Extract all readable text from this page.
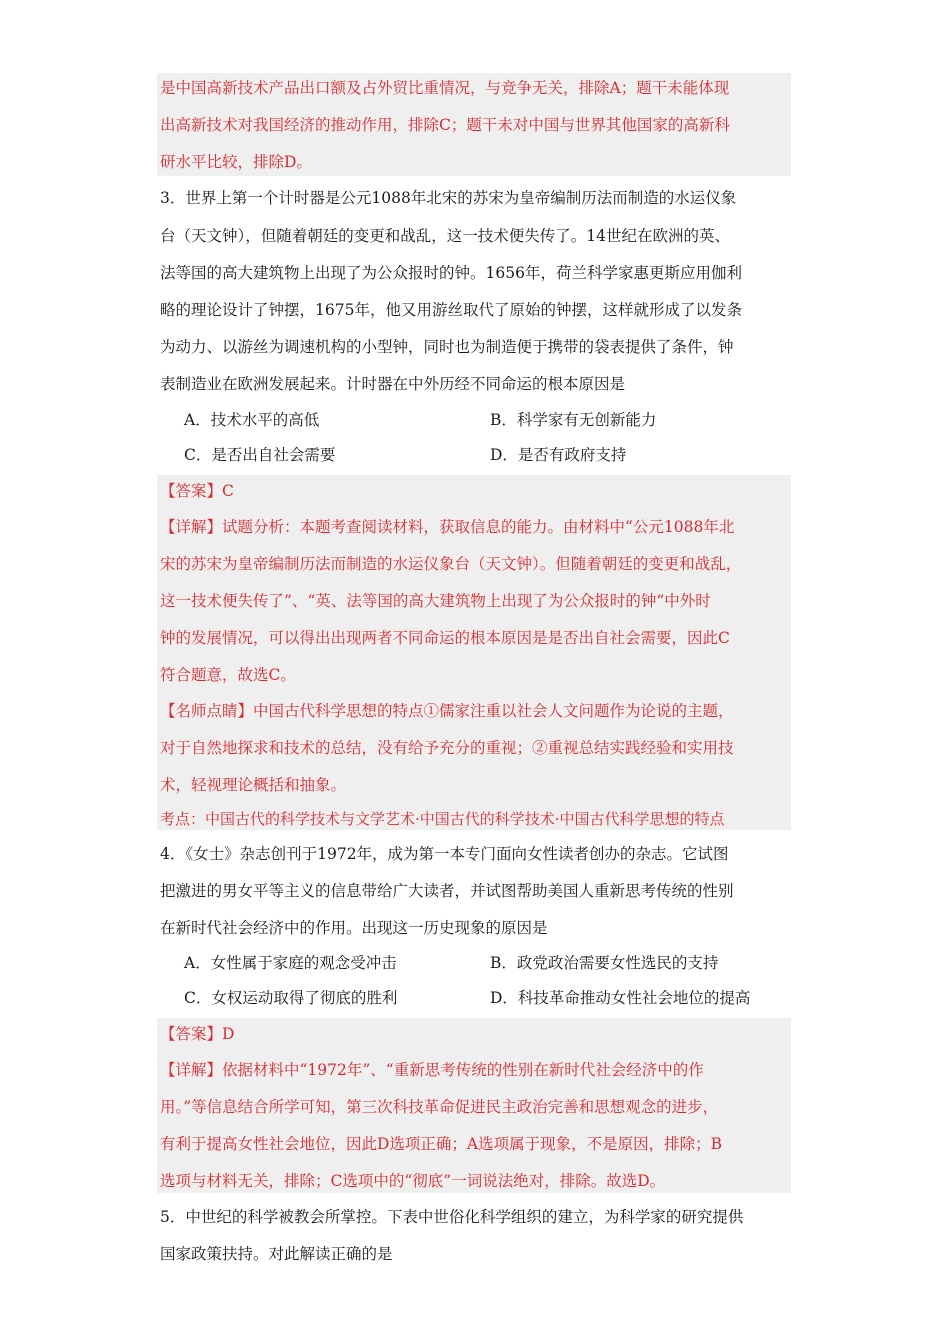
是中国高新技术产品出口额及占外贸比重情况，与竞争无关，排除A；题干未能体现
出高新技术对我国经济的推动作用，排除C；题干未对中国与世界其他国家的高新科
研水平比较，排除D。
3．世界上第一个计时器是公元1088年北宋的苏宋为皇帝编制历法而制造的水运仪象
台（天文钟），但随着朝廷的变更和战乱，这一技术便失传了。14世纪在欧洲的英、
法等国的高大建筑物上出现了为公众报时的钟。1656年，荷兰科学家惠更斯应用伽利
略的理论设计了钟摆，1675年，他又用游丝取代了原始的钟摆，这样就形成了以发条
为动力、以游丝为调速机构的小型钟，同时也为制造便于携带的袋表提供了条件，钟
表制造业在欧洲发展起来。计时器在中外历经不同命运的根本原因是
A．技术水平的高低	B．科学家有无创新能力
C．是否出自社会需要	D．是否有政府支持
【答案】C
【详解】试题分析：本题考查阅读材料，获取信息的能力。由材料中“公元1088年北
宋的苏宋为皇帝编制历法而制造的水运仪象台（天文钟）。但随着朝廷的变更和战乱，
这一技术便失传了”、“英、法等国的高大建筑物上出现了为公众报时的钟”中外时
钟的发展情况，可以得出出现两者不同命运的根本原因是是否出自社会需要，因此C
符合题意，故选C。
【名师点睛】中国古代科学思想的特点①儒家注重以社会人文问题作为论说的主题，
对于自然地探求和技术的总结，没有给予充分的重视；②重视总结实践经验和实用技
术，轻视理论概括和抽象。
考点：中国古代的科学技术与文学艺术·中国古代的科学技术·中国古代科学思想的特点
4．《女士》杂志创刊于1972年，成为第一本专门面向女性读者创办的杂志。它试图
把激进的男女平等主义的信息带给广大读者，并试图帮助美国人重新思考传统的性别
在新时代社会经济中的作用。出现这一历史现象的原因是
A．女性属于家庭的观念受冲击	B．政党政治需要女性选民的支持
C．女权运动取得了彻底的胜利	D．科技革命推动女性社会地位的提高
【答案】D
【详解】依据材料中“1972年”、“重新思考传统的性别在新时代社会经济中的作
用。”等信息结合所学可知，第三次科技革命促进民主政治完善和思想观念的进步，
有利于提高女性社会地位，因此D选项正确；A选项属于现象，不是原因，排除；B
选项与材料无关，排除；C选项中的“彻底”一词说法绝对，排除。故选D。
5．中世纪的科学被教会所掌控。下表中世俗化科学组织的建立，为科学家的研究提供
国家政策扶持。对此解读正确的是
